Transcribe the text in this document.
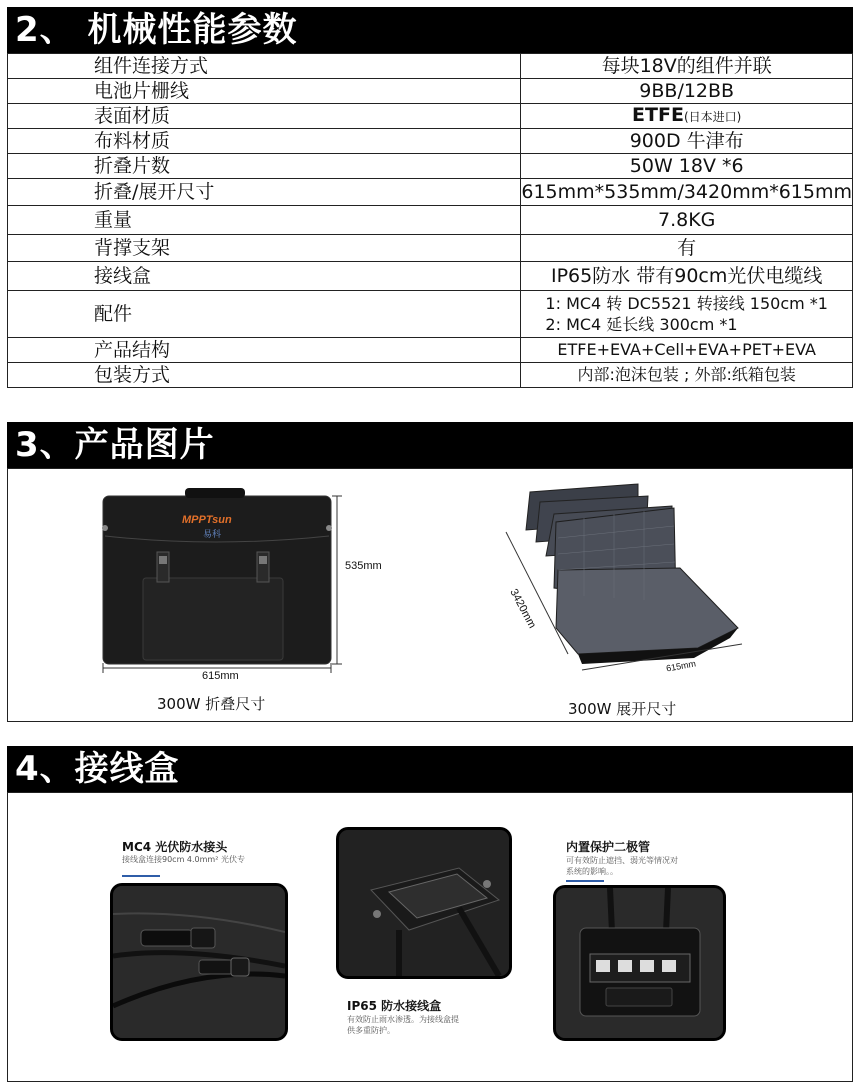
2、 机械性能参数
组件连接方式	每块18V的组件并联
电池片栅线	9BB/12BB
表面材质	ETFE(日本进口)
布料材质	900D 牛津布
折叠片数	50W 18V *6
折叠/展开尺寸	615mm*535mm/3420mm*615mm
重量	7.8KG
背撑支架	有
接线盒	IP65防水 带有90cm光伏电缆线
配件	1: MC4 转 DC5521 转接线 150cm *1
2: MC4 延长线 300cm *1
产品结构	ETFE+EVA+Cell+EVA+PET+EVA
包装方式	内部:泡沫包装 ; 外部:纸箱包装
3、产品图片
MPPTsun
易科
535mm
615mm
300W 折叠尺寸
3420mm
615mm
300W 展开尺寸
4、接线盒
MC4 光伏防水接头
接线盒连接90cm 4.0mm² 光伏专
IP65 防水接线盒
有效防止雨水渗透。为接线盒提
供多重防护。
内置保护二极管
可有效防止遮挡、弱光等情况对
系统的影响。。
